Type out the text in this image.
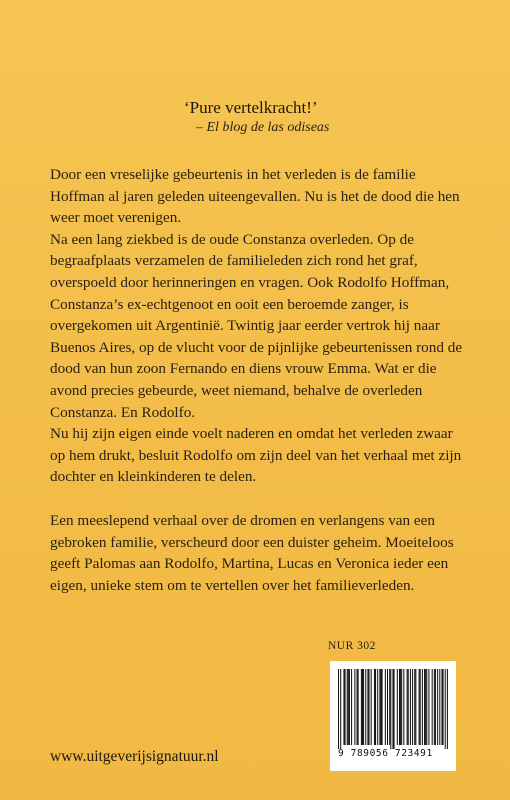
‘Pure vertelkracht!’
– El blog de las odiseas

Door een vreselijke gebeurtenis in het verleden is de familie Hoffman al jaren geleden uiteengevallen. Nu is het de dood die hen weer moet verenigen.

Na een lang ziekbed is de oude Constanza overleden. Op de begraafplaats verzamelen de familieleden zich rond het graf, overspoeld door herinneringen en vragen. Ook Rodolfo Hoffman, Constanza’s ex-echtgenoot en ooit een beroemde zanger, is overgekomen uit Argentinië. Twintig jaar eerder vertrok hij naar Buenos Aires, op de vlucht voor de pijnlijke gebeurtenissen rond de dood van hun zoon Fernando en diens vrouw Emma. Wat er die avond precies gebeurde, weet niemand, behalve de overleden Constanza. En Rodolfo.

Nu hij zijn eigen einde voelt naderen en omdat het verleden zwaar op hem drukt, besluit Rodolfo om zijn deel van het verhaal met zijn dochter en kleinkinderen te delen.

Een meeslepend verhaal over de dromen en verlangens van een gebroken familie, verscheurd door een duister geheim. Moeiteloos geeft Palomas aan Rodolfo, Martina, Lucas en Veronica ieder een eigen, unieke stem om te vertellen over het familieverleden.

NUR 302
9 789056 723491
www.uitgeverijsignatuur.nl
